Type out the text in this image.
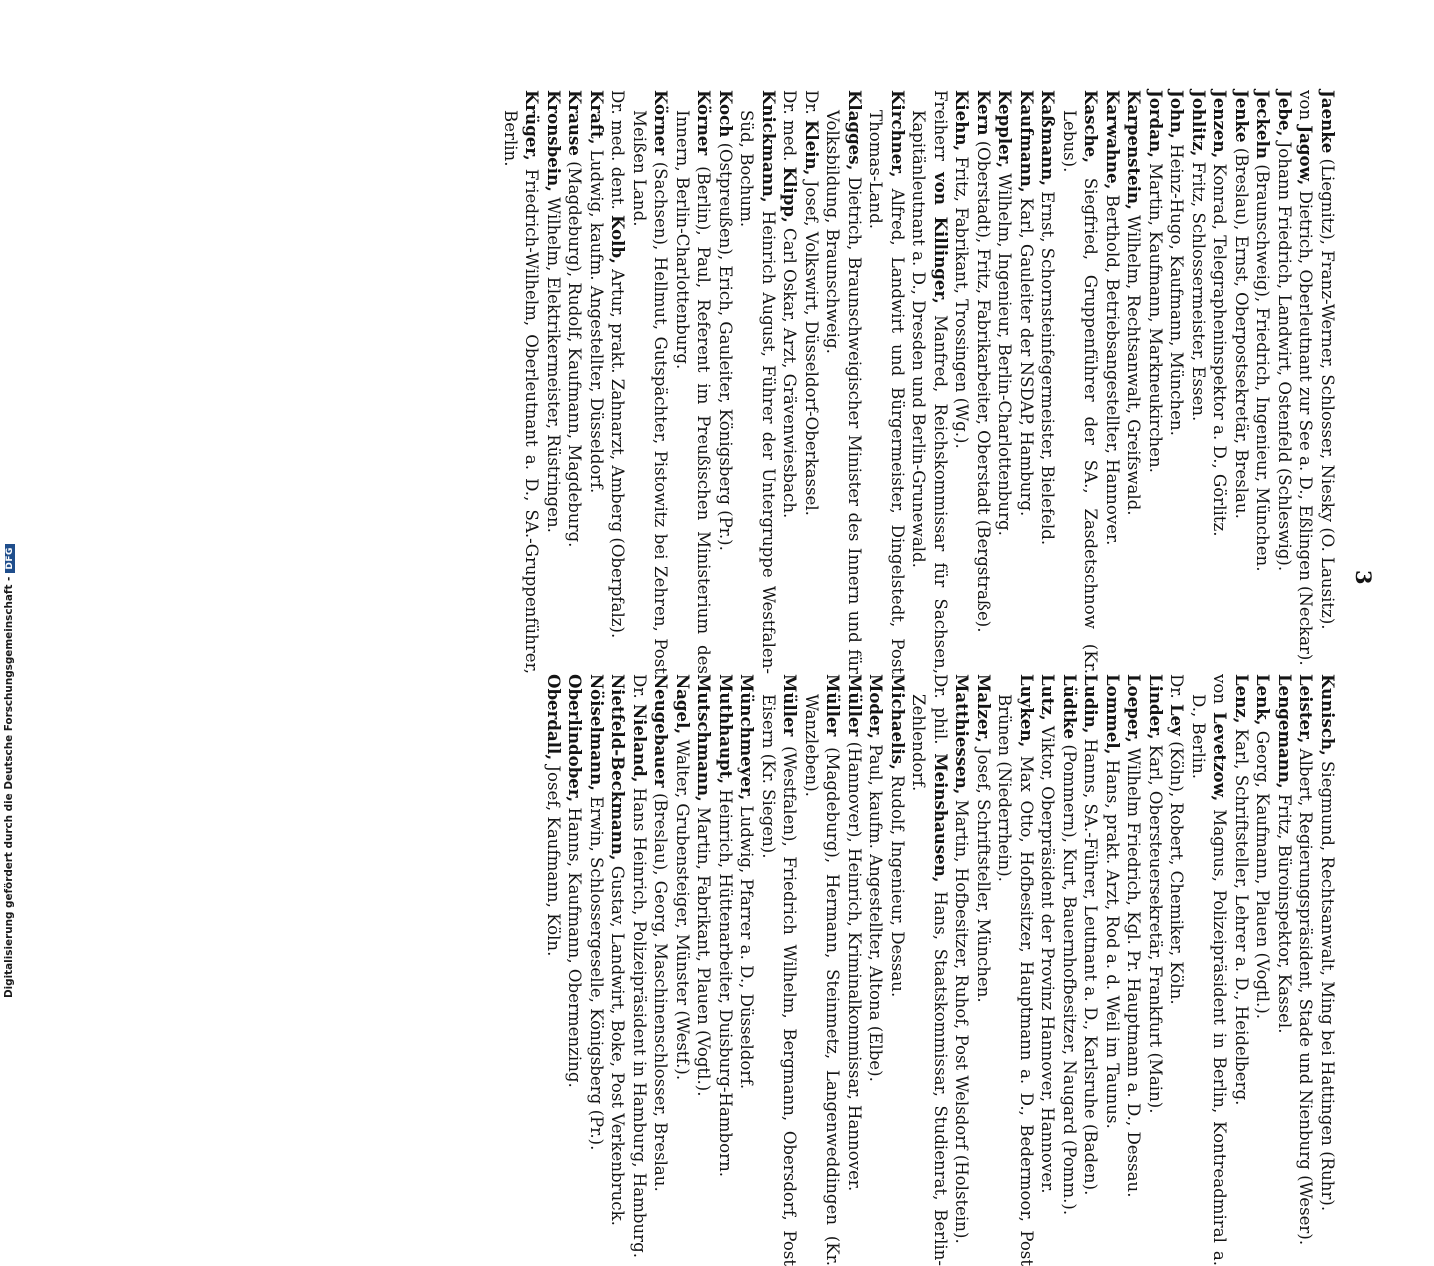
Digitalisierung gefördert durch die Deutsche Forschungsgemeinschaft -DFG
3

Jaenke (Liegnitz), Franz-Werner, Schlosser, Niesky (O. Lausitz).

von Jagow, Dietrich, Oberleutnant zur See a. D., Eßlingen (Neckar).

Jebe, Johann Friedrich, Landwirt, Ostenfeld (Schleswig).

Jeckeln (Braunschweig), Friedrich, Ingenieur, München.

Jenke (Breslau), Ernst, Oberpostsekretär, Breslau.

Jenzen, Konrad, Telegrapheninspektor a. D., Görlitz.

Johlitz, Fritz, Schlossermeister, Essen.

John, Heinz-Hugo, Kaufmann, München.

Jordan, Martin, Kaufmann, Markneukirchen.

Karpenstein, Wilhelm, Rechtsanwalt, Greifswald.

Karwahne, Berthold, Betriebsangestellter, Hannover.

Kasche, Siegfried, Gruppenführer der SA., Zasdetschnow (Kr. Lebus).

Kaßmann, Ernst, Schornsteinfegermeister, Bielefeld.

Kaufmann, Karl, Gauleiter der NSDAP, Hamburg.

Keppler, Wilhelm, Ingenieur, Berlin-Charlottenburg.

Kern (Oberstadt), Fritz, Fabrikarbeiter, Oberstadt (Bergstraße).

Kiehn, Fritz, Fabrikant, Trossingen (Wg.).

Freiherr von Killinger, Manfred, Reichskommissar für Sachsen, Kapitänleutnant a. D., Dresden und Berlin-Grunewald.

Kirchner, Alfred, Landwirt und Bürgermeister, Dingelstedt, Post Thomas-Land.

Klagges, Dietrich, Braunschweigischer Minister des Innern und für Volksbildung, Braunschweig.

Dr. Klein, Josef, Volkswirt, Düsseldorf-Oberkassel.

Dr. med. Klipp, Carl Oskar, Arzt, Grävenwiesbach.

Knickmann, Heinrich August, Führer der Untergruppe Westfalen-Süd, Bochum.

Koch (Ostpreußen), Erich, Gauleiter, Königsberg (Pr.).

Körner (Berlin), Paul, Referent im Preußischen Ministerium des Innern, Berlin-Charlottenburg.

Körner (Sachsen), Hellmut, Gutspächter, Pistowitz bei Zehren, Post Meißen Land.

Dr. med. dent. Kolb, Artur, prakt. Zahnarzt, Amberg (Oberpfalz).

Kraft, Ludwig, kaufm. Angestellter, Düsseldorf.

Krause (Magdeburg), Rudolf, Kaufmann, Magdeburg.

Kronsbein, Wilhelm, Elektrikermeister, Rüstringen.

Krüger, Friedrich-Wilhelm, Oberleutnant a. D., SA.-Gruppenführer, Berlin.

Kunisch, Siegmund, Rechtsanwalt, Ming bei Hattingen (Ruhr).

Leister, Albert, Regierungspräsident, Stade und Nienburg (Weser).

Lengemann, Fritz, Büroinspektor, Kassel.

Lenk, Georg, Kaufmann, Plauen (Vogtl.).

Lenz, Karl, Schriftsteller, Lehrer a. D., Heidelberg.

von Levetzow, Magnus, Polizeipräsident in Berlin, Kontreadmiral a. D., Berlin.

Dr. Ley (Köln), Robert, Chemiker, Köln.

Linder, Karl, Obersteuersekretär, Frankfurt (Main).

Loeper, Wilhelm Friedrich, Kgl. Pr. Hauptmann a. D., Dessau.

Lommel, Hans, prakt. Arzt, Rod a. d. Weil im Taunus.

Ludin, Hanns, SA.-Führer, Leutnant a. D., Karlsruhe (Baden).

Lüdtke (Pommern), Kurt, Bauernhofbesitzer, Naugard (Pomm.).

Lutz, Viktor, Oberpräsident der Provinz Hannover, Hannover.

Luyken, Max Otto, Hofbesitzer, Hauptmann a. D., Bedermoor, Post Brünen (Niederrhein).

Malzer, Josef, Schriftsteller, München.

Matthiessen, Martin, Hofbesitzer, Ruhof, Post Welsdorf (Holstein).

Dr. phil. Meinshausen, Hans, Staatskommissar, Studienrat, Berlin-Zehlendorf.

Michaelis, Rudolf, Ingenieur, Dessau.

Moder, Paul, kaufm. Angestellter, Altona (Elbe).

Müller (Hannover), Heinrich, Kriminalkommissar, Hannover.

Müller (Magdeburg), Hermann, Steinmetz, Langenweddingen (Kr. Wanzleben).

Müller (Westfalen), Friedrich Wilhelm, Bergmann, Obersdorf, Post Eisern (Kr. Siegen).

Münchmeyer, Ludwig, Pfarrer a. D., Düsseldorf.

Muthhaupt, Heinrich, Hüttenarbeiter, Duisburg-Hamborn.

Mutschmann, Martin, Fabrikant, Plauen (Vogtl.).

Nagel, Walter, Grubensteiger, Münster (Westf.).

Neugebauer (Breslau), Georg, Maschinenschlosser, Breslau.

Dr. Nieland, Hans Heinrich, Polizeipräsident in Hamburg, Hamburg.

Nietfeld-Beckmann, Gustav, Landwirt, Boke, Post Verkenbruck.

Nöiselmann, Erwin, Schlossergeselle, Königsberg (Pr.).

Oberlindober, Hanns, Kaufmann, Obermenzing.

Oberdall, Josef, Kaufmann, Köln.
